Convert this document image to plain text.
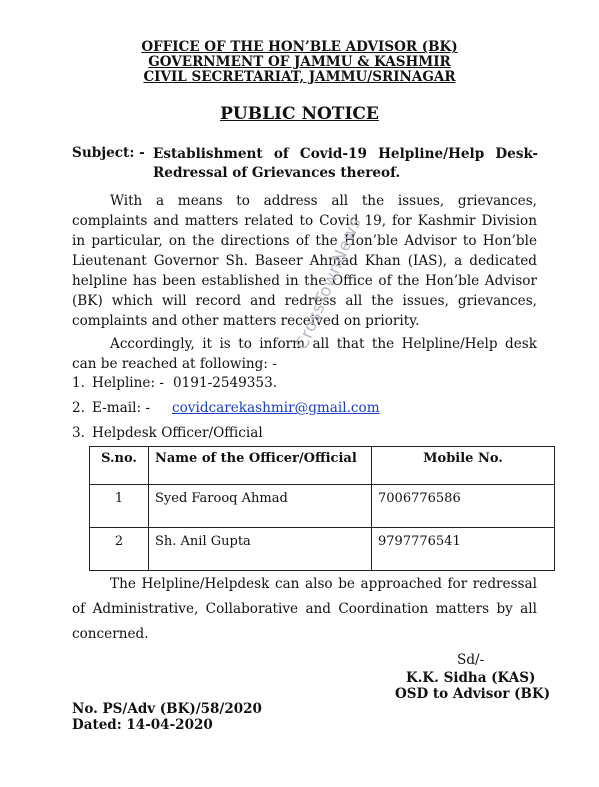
OFFICE OF THE HON’BLE ADVISOR (BK)
GOVERNMENT OF JAMMU & KASHMIR
CIVIL SECRETARIAT, JAMMU/SRINAGAR
PUBLIC NOTICE
Subject: - Establishment of Covid-19 Helpline/Help Desk- Redressal of Grievances thereof.
With a means to address all the issues, grievances, complaints and matters related to Covid 19, for Kashmir Division in particular, on the directions of the Hon’ble Advisor to Hon’ble Lieutenant Governor Sh. Baseer Ahmad Khan (IAS), a dedicated helpline has been established in the Office of the Hon’ble Advisor (BK) which will record and redress all the issues, grievances, complaints and other matters received on priority.
Accordingly, it is to inform all that the Helpline/Help desk can be reached at following: -
1. Helpline: - 0191-2549353.
2. E-mail: - covidcarekashmir@gmail.com
3. Helpdesk Officer/Official
S.no.	Name of the Officer/Official	Mobile No.
1	Syed Farooq Ahmad	7006776586
2	Sh. Anil Gupta	9797776541
The Helpline/Helpdesk can also be approached for redressal of Administrative, Collaborative and Coordination matters by all concerned.
Sd/-
K.K. Sidha (KAS)
OSD to Advisor (BK)
No. PS/Adv (BK)/58/2020
Dated: 14-04-2020
CrossTownNews
